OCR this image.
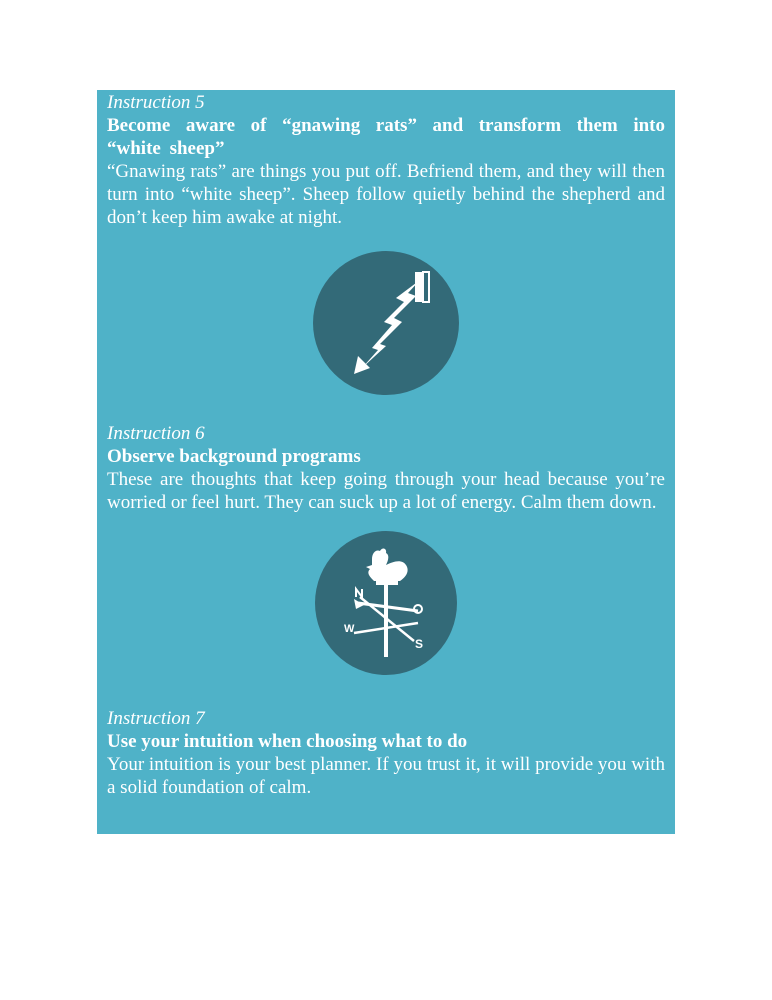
Instruction 5
Become aware of “gnawing rats” and transform them into “white sheep”
“Gnawing rats” are things you put off. Befriend them, and they will then turn into “white sheep”. Sheep follow quietly behind the shepherd and don’t keep him awake at night.
Instruction 6
Observe background programs
These are thoughts that keep going through your head because you’re worried or feel hurt. They can suck up a lot of energy. Calm them down.
W
S
Instruction 7
Use your intuition when choosing what to do
Your intuition is your best planner. If you trust it, it will provide you with a solid foundation of calm.
